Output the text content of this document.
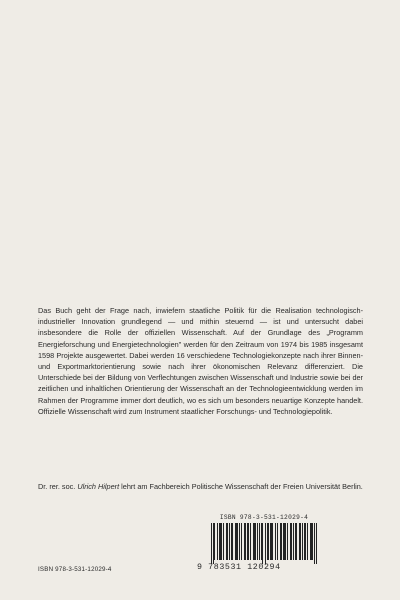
Das Buch geht der Frage nach, inwiefern staatliche Politik für die Realisation technologisch-industrieller Innovation grundlegend — und mithin steuernd — ist und untersucht dabei insbesondere die Rolle der offiziellen Wissenschaft. Auf der Grundlage des „Programm Energieforschung und Energietechnologien" werden für den Zeitraum von 1974 bis 1985 insgesamt 1598 Projekte ausgewertet. Dabei werden 16 verschiedene Technologiekonzepte nach ihrer Binnen- und Exportmarktorientierung sowie nach ihrer ökonomischen Relevanz differenziert. Die Unterschiede bei der Bildung von Verflechtungen zwischen Wissenschaft und Industrie sowie bei der zeitlichen und inhaltlichen Orientierung der Wissenschaft an der Technologieentwicklung werden im Rahmen der Programme immer dort deutlich, wo es sich um besonders neuartige Konzepte handelt. Offizielle Wissenschaft wird zum Instrument staatlicher Forschungs- und Technologiepolitik.

Dr. rer. soc. Ulrich Hilpert lehrt am Fachbereich Politische Wissenschaft der Freien Universität Berlin.

ISBN 978-3-531-12029-4
9 783531 120294
ISBN 978-3-531-12029-4
